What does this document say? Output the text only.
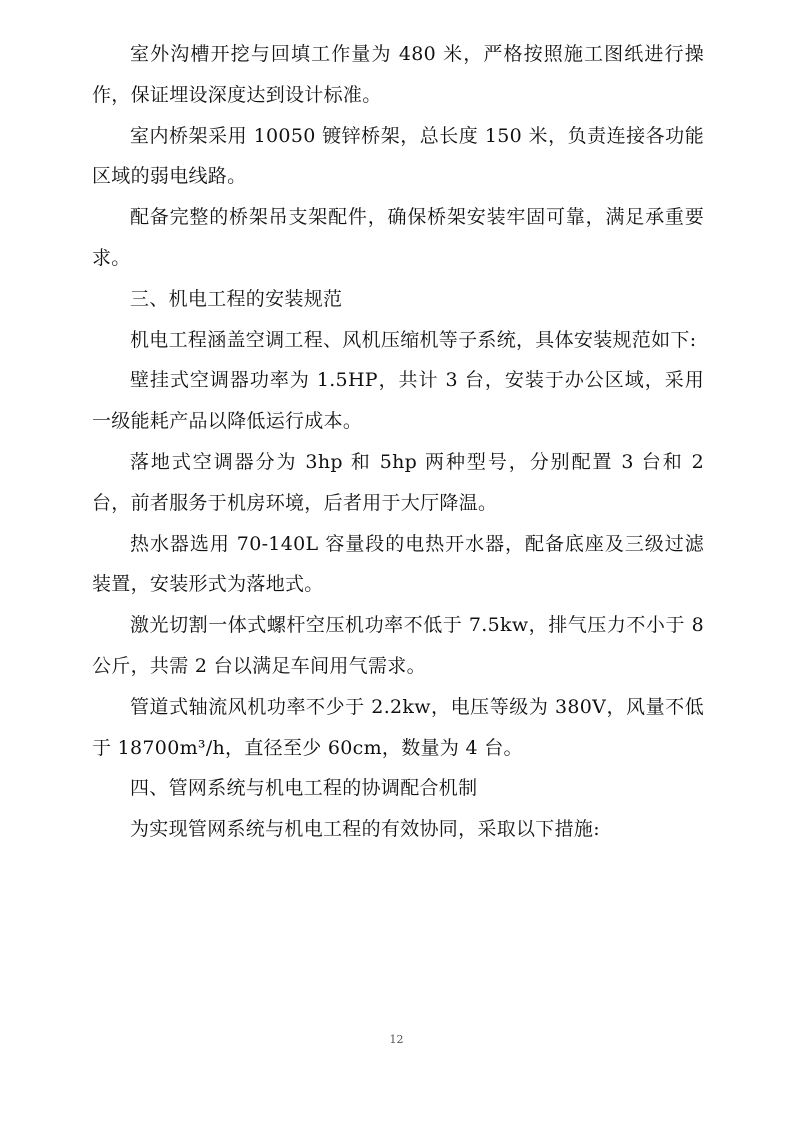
室外沟槽开挖与回填工作量为 480 米，严格按照施工图纸进行操作，保证埋设深度达到设计标准。

室内桥架采用 10050 镀锌桥架，总长度 150 米，负责连接各功能区域的弱电线路。

配备完整的桥架吊支架配件，确保桥架安装牢固可靠，满足承重要求。

三、机电工程的安装规范

机电工程涵盖空调工程、风机压缩机等子系统，具体安装规范如下:

壁挂式空调器功率为 1.5HP，共计 3 台，安装于办公区域，采用一级能耗产品以降低运行成本。

落地式空调器分为 3hp 和 5hp 两种型号，分别配置 3 台和 2 台，前者服务于机房环境，后者用于大厅降温。

热水器选用 70-140L 容量段的电热开水器，配备底座及三级过滤装置，安装形式为落地式。

激光切割一体式螺杆空压机功率不低于 7.5kw，排气压力不小于 8 公斤，共需 2 台以满足车间用气需求。

管道式轴流风机功率不少于 2.2kw，电压等级为 380V，风量不低于 18700m³/h，直径至少 60cm，数量为 4 台。

四、管网系统与机电工程的协调配合机制

为实现管网系统与机电工程的有效协同，采取以下措施:

12
